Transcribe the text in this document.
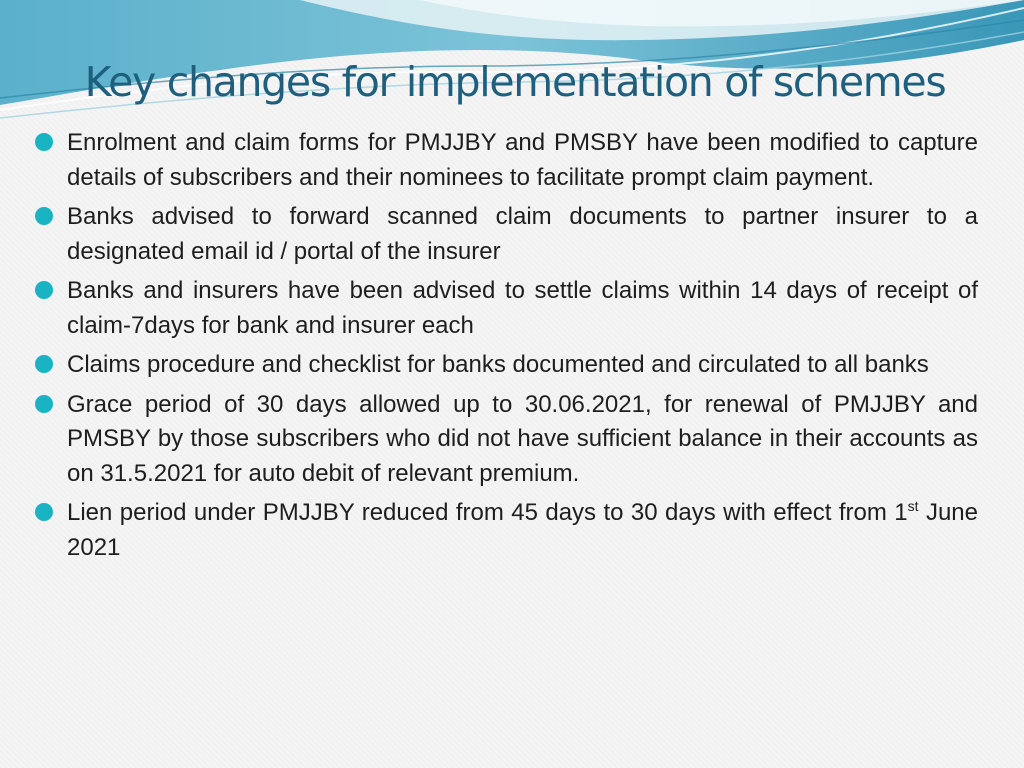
Key changes for implementation of schemes
Enrolment and claim forms for PMJJBY and PMSBY have been modified to capture details of subscribers and their nominees to facilitate prompt claim payment.
Banks advised to forward scanned claim documents to partner insurer to a designated email id / portal of the insurer
Banks and insurers have been advised to settle claims within 14 days of receipt of claim-7days for bank and insurer each
Claims procedure and checklist for banks documented and circulated to all banks
Grace period of 30 days allowed up to 30.06.2021, for renewal of PMJJBY and PMSBY by those subscribers who did not have sufficient balance in their accounts as on 31.5.2021 for auto debit of relevant premium.
Lien period under PMJJBY reduced from 45 days to 30 days with effect from 1st June 2021
